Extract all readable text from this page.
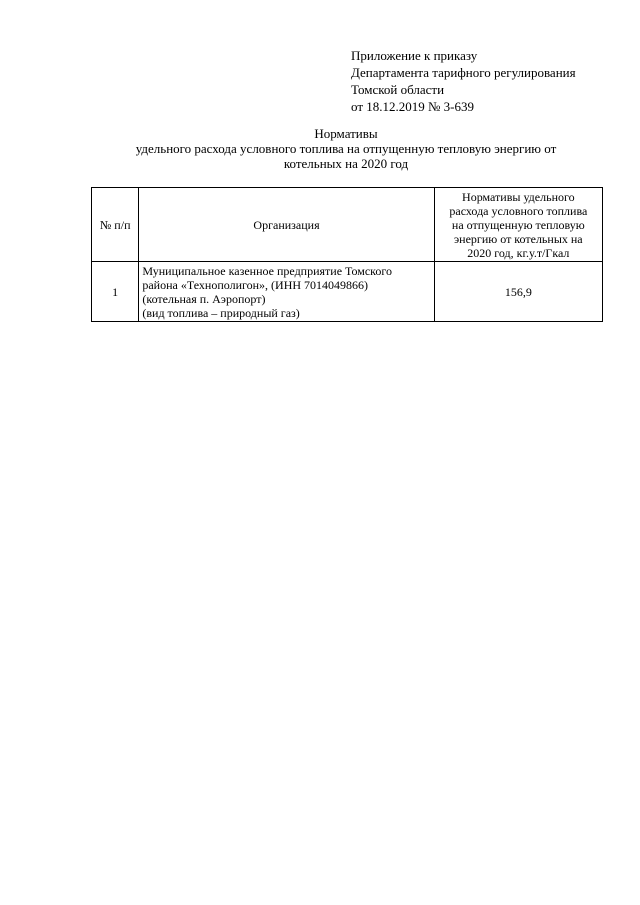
Приложение к приказу
Департамента тарифного регулирования
Томской области
от 18.12.2019 № 3-639
Нормативы
удельного расхода условного топлива на отпущенную тепловую энергию от
котельных на 2020 год
№ п/п	Организация	Нормативы удельного
расхода условного топлива
на отпущенную тепловую
энергию от котельных на
2020 год, кг.у.т/Гкал

1	Муниципальное казенное предприятие Томского
района «Технополигон», (ИНН 7014049866)
(котельная п. Аэропорт)
(вид топлива – природный газ)	156,9
